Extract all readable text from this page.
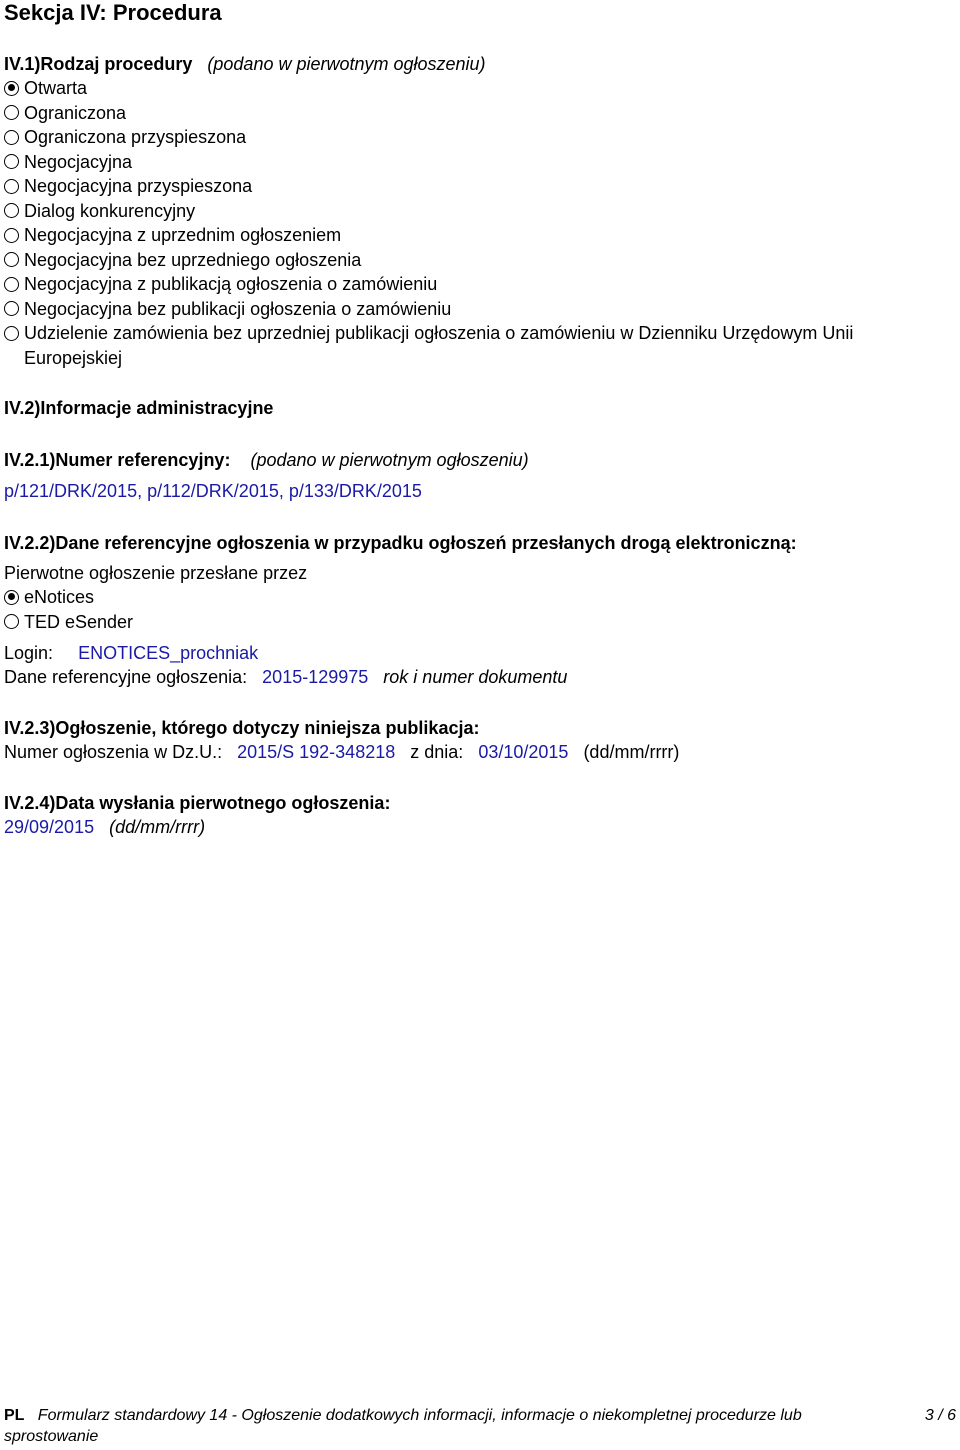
Sekcja IV: Procedura
IV.1)Rodzaj procedury (podano w pierwotnym ogłoszeniu)
Otwarta
Ograniczona
Ograniczona przyspieszona
Negocjacyjna
Negocjacyjna przyspieszona
Dialog konkurencyjny
Negocjacyjna z uprzednim ogłoszeniem
Negocjacyjna bez uprzedniego ogłoszenia
Negocjacyjna z publikacją ogłoszenia o zamówieniu
Negocjacyjna bez publikacji ogłoszenia o zamówieniu
Udzielenie zamówienia bez uprzedniej publikacji ogłoszenia o zamówieniu w Dzienniku Urzędowym Unii Europejskiej
IV.2)Informacje administracyjne
IV.2.1)Numer referencyjny: (podano w pierwotnym ogłoszeniu)
p/121/DRK/2015, p/112/DRK/2015, p/133/DRK/2015
IV.2.2)Dane referencyjne ogłoszenia w przypadku ogłoszeń przesłanych drogą elektroniczną:
Pierwotne ogłoszenie przesłane przez
eNotices
TED eSender
Login: ENOTICES_prochniak
Dane referencyjne ogłoszenia: 2015-129975 rok i numer dokumentu
IV.2.3)Ogłoszenie, którego dotyczy niniejsza publikacja:
Numer ogłoszenia w Dz.U.: 2015/S 192-348218 z dnia: 03/10/2015 (dd/mm/rrrr)
IV.2.4)Data wysłania pierwotnego ogłoszenia:
29/09/2015 (dd/mm/rrrr)
PL Formularz standardowy 14 - Ogłoszenie dodatkowych informacji, informacje o niekompletnej procedurze lub
sprostowanie
3 / 6
